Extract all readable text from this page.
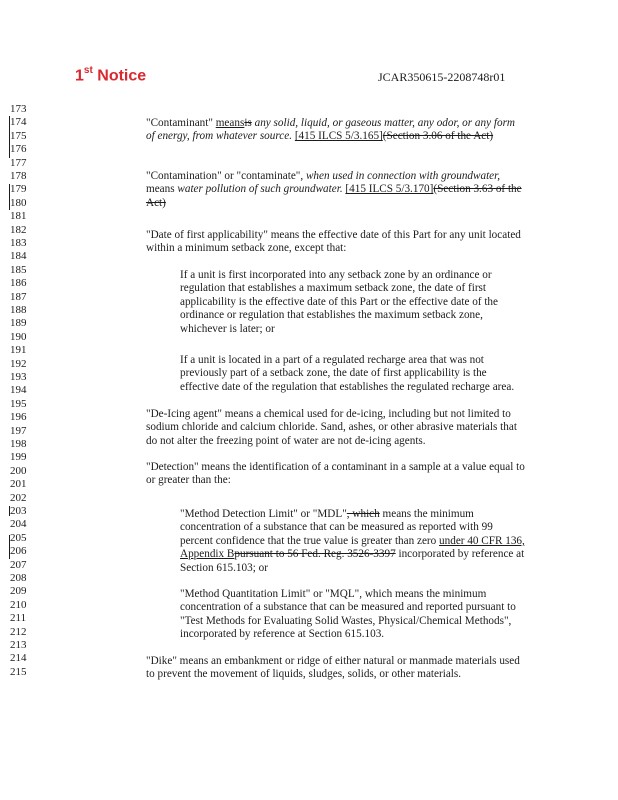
1st Notice	JCAR350615-2208748r01
173
174
175
176
177
178
179
180
181
182
183
184
185
186
187
188
189
190
191
192
193
194
195
196
197
198
199
200
201
202
203
204
205
206
207
208
209
210
211
212
213
214
215
"Contaminant" meansis any solid, liquid, or gaseous matter, any odor, or any form of energy, from whatever source. [415 ILCS 5/3.165](Section 3.06 of the Act)
"Contamination" or "contaminate", when used in connection with groundwater, means water pollution of such groundwater. [415 ILCS 5/3.170](Section 3.63 of the Act)
"Date of first applicability" means the effective date of this Part for any unit located within a minimum setback zone, except that:
If a unit is first incorporated into any setback zone by an ordinance or regulation that establishes a maximum setback zone, the date of first applicability is the effective date of this Part or the effective date of the ordinance or regulation that establishes the maximum setback zone, whichever is later; or
If a unit is located in a part of a regulated recharge area that was not previously part of a setback zone, the date of first applicability is the effective date of the regulation that establishes the regulated recharge area.
"De-Icing agent" means a chemical used for de-icing, including but not limited to sodium chloride and calcium chloride. Sand, ashes, or other abrasive materials that do not alter the freezing point of water are not de-icing agents.
"Detection" means the identification of a contaminant in a sample at a value equal to or greater than the:
"Method Detection Limit" or "MDL", which means the minimum concentration of a substance that can be measured as reported with 99 percent confidence that the true value is greater than zero under 40 CFR 136, Appendix Bpursuant to 56 Fed. Reg. 3526-3397 incorporated by reference at Section 615.103; or
"Method Quantitation Limit" or "MQL", which means the minimum concentration of a substance that can be measured and reported pursuant to "Test Methods for Evaluating Solid Wastes, Physical/Chemical Methods", incorporated by reference at Section 615.103.
"Dike" means an embankment or ridge of either natural or manmade materials used to prevent the movement of liquids, sludges, solids, or other materials.
